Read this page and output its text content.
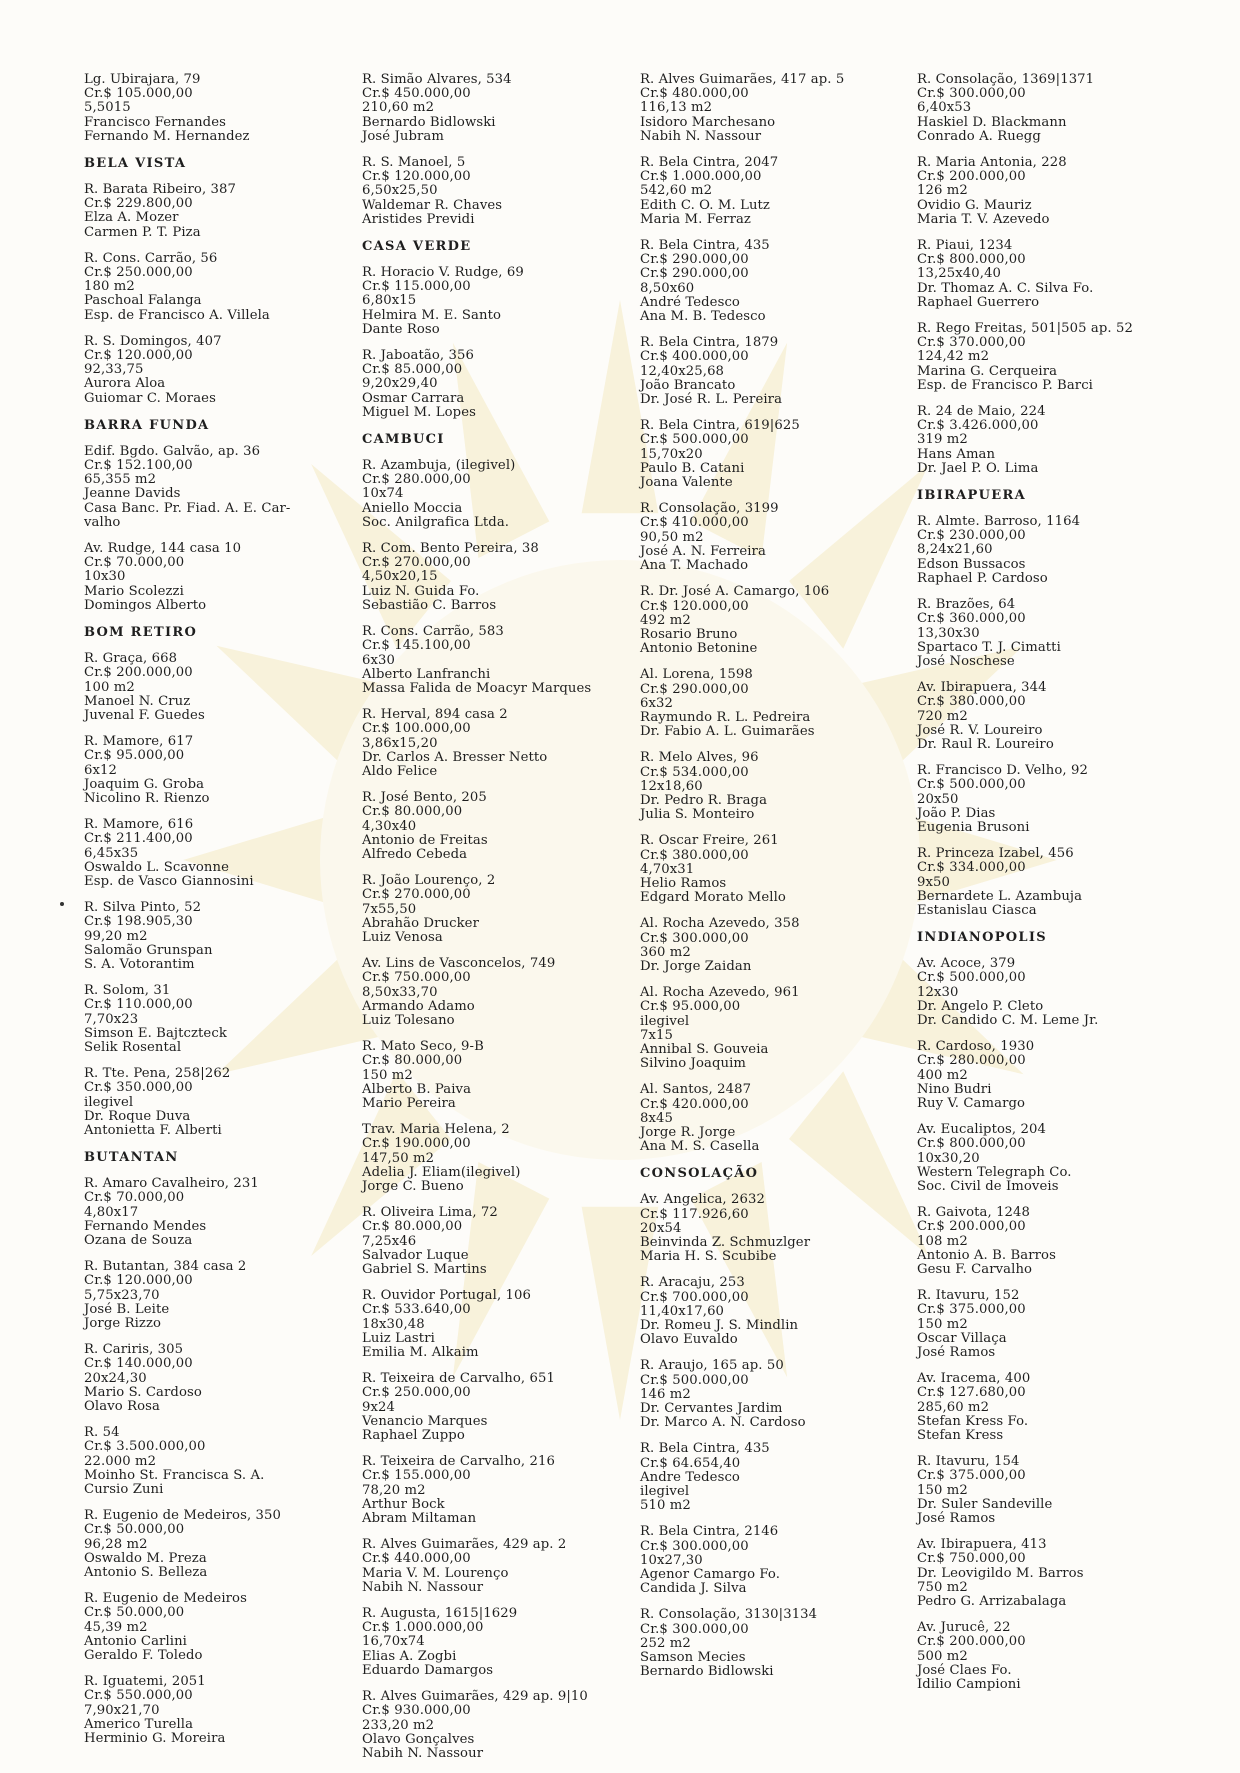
Lg. Ubirajara, 79
Cr.$ 105.000,00
5,5015
Francisco Fernandes
Fernando M. Hernandez
BELA VISTA
R. Barata Ribeiro, 387
Cr.$ 229.800,00
Elza A. Mozer
Carmen P. T. Piza
R. Cons. Carrão, 56
Cr.$ 250.000,00
180 m2
Paschoal Falanga
Esp. de Francisco A. Villela
R. S. Domingos, 407
Cr.$ 120.000,00
92,33,75
Aurora Aloa
Guiomar C. Moraes
BARRA FUNDA
Edif. Bgdo. Galvão, ap. 36
Cr.$ 152.100,00
65,355 m2
Jeanne Davids
Casa Banc. Pr. Fiad. A. E. Car-
valho
Av. Rudge, 144 casa 10
Cr.$ 70.000,00
10x30
Mario Scolezzi
Domingos Alberto
BOM RETIRO
R. Graça, 668
Cr.$ 200.000,00
100 m2
Manoel N. Cruz
Juvenal F. Guedes
R. Mamore, 617
Cr.$ 95.000,00
6x12
Joaquim G. Groba
Nicolino R. Rienzo
R. Mamore, 616
Cr.$ 211.400,00
6,45x35
Oswaldo L. Scavonne
Esp. de Vasco Giannosini
R. Silva Pinto, 52
Cr.$ 198.905,30
99,20 m2
Salomão Grunspan
S. A. Votorantim
R. Solom, 31
Cr.$ 110.000,00
7,70x23
Simson E. Bajtczteck
Selik Rosental
R. Tte. Pena, 258|262
Cr.$ 350.000,00
ilegivel
Dr. Roque Duva
Antonietta F. Alberti
BUTANTAN
R. Amaro Cavalheiro, 231
Cr.$ 70.000,00
4,80x17
Fernando Mendes
Ozana de Souza
R. Butantan, 384 casa 2
Cr.$ 120.000,00
5,75x23,70
José B. Leite
Jorge Rizzo
R. Cariris, 305
Cr.$ 140.000,00
20x24,30
Mario S. Cardoso
Olavo Rosa
R. 54
Cr.$ 3.500.000,00
22.000 m2
Moinho St. Francisca S. A.
Cursio Zuni
R. Eugenio de Medeiros, 350
Cr.$ 50.000,00
96,28 m2
Oswaldo M. Preza
Antonio S. Belleza
R. Eugenio de Medeiros
Cr.$ 50.000,00
45,39 m2
Antonio Carlini
Geraldo F. Toledo
R. Iguatemi, 2051
Cr.$ 550.000,00
7,90x21,70
Americo Turella
Herminio G. Moreira
R. Simão Alvares, 534
Cr.$ 450.000,00
210,60 m2
Bernardo Bidlowski
José Jubram
R. S. Manoel, 5
Cr.$ 120.000,00
6,50x25,50
Waldemar R. Chaves
Aristides Previdi
CASA VERDE
R. Horacio V. Rudge, 69
Cr.$ 115.000,00
6,80x15
Helmira M. E. Santo
Dante Roso
R. Jaboatão, 356
Cr.$ 85.000,00
9,20x29,40
Osmar Carrara
Miguel M. Lopes
CAMBUCI
R. Azambuja, (ilegivel)
Cr.$ 280.000,00
10x74
Aniello Moccia
Soc. Anilgrafica Ltda.
R. Com. Bento Pereira, 38
Cr.$ 270.000,00
4,50x20,15
Luiz N. Guida Fo.
Sebastião C. Barros
R. Cons. Carrão, 583
Cr.$ 145.100,00
6x30
Alberto Lanfranchi
Massa Falida de Moacyr Marques
R. Herval, 894 casa 2
Cr.$ 100.000,00
3,86x15,20
Dr. Carlos A. Bresser Netto
Aldo Felice
R. José Bento, 205
Cr.$ 80.000,00
4,30x40
Antonio de Freitas
Alfredo Cebeda
R. João Lourenço, 2
Cr.$ 270.000,00
7x55,50
Abrahão Drucker
Luiz Venosa
Av. Lins de Vasconcelos, 749
Cr.$ 750.000,00
8,50x33,70
Armando Adamo
Luiz Tolesano
R. Mato Seco, 9-B
Cr.$ 80.000,00
150 m2
Alberto B. Paiva
Mario Pereira
Trav. Maria Helena, 2
Cr.$ 190.000,00
147,50 m2
Adelia J. Eliam(ilegivel)
Jorge C. Bueno
R. Oliveira Lima, 72
Cr.$ 80.000,00
7,25x46
Salvador Luque
Gabriel S. Martins
R. Ouvidor Portugal, 106
Cr.$ 533.640,00
18x30,48
Luiz Lastri
Emilia M. Alkaim
R. Teixeira de Carvalho, 651
Cr.$ 250.000,00
9x24
Venancio Marques
Raphael Zuppo
R. Teixeira de Carvalho, 216
Cr.$ 155.000,00
78,20 m2
Arthur Bock
Abram Miltaman
R. Alves Guimarães, 429 ap. 2
Cr.$ 440.000,00
Maria V. M. Lourenço
Nabih N. Nassour
R. Augusta, 1615|1629
Cr.$ 1.000.000,00
16,70x74
Elias A. Zogbi
Eduardo Damargos
R. Alves Guimarães, 429 ap. 9|10
Cr.$ 930.000,00
233,20 m2
Olavo Gonçalves
Nabih N. Nassour
R. Alves Guimarães, 417 ap. 5
Cr.$ 480.000,00
116,13 m2
Isidoro Marchesano
Nabih N. Nassour
R. Bela Cintra, 2047
Cr.$ 1.000.000,00
542,60 m2
Edith C. O. M. Lutz
Maria M. Ferraz
R. Bela Cintra, 435
Cr.$ 290.000,00
Cr.$ 290.000,00
8,50x60
André Tedesco
Ana M. B. Tedesco
R. Bela Cintra, 1879
Cr.$ 400.000,00
12,40x25,68
João Brancato
Dr. José R. L. Pereira
R. Bela Cintra, 619|625
Cr.$ 500.000,00
15,70x20
Paulo B. Catani
Joana Valente
R. Consolação, 3199
Cr.$ 410.000,00
90,50 m2
José A. N. Ferreira
Ana T. Machado
R. Dr. José A. Camargo, 106
Cr.$ 120.000,00
492 m2
Rosario Bruno
Antonio Betonine
Al. Lorena, 1598
Cr.$ 290.000,00
6x32
Raymundo R. L. Pedreira
Dr. Fabio A. L. Guimarães
R. Melo Alves, 96
Cr.$ 534.000,00
12x18,60
Dr. Pedro R. Braga
Julia S. Monteiro
R. Oscar Freire, 261
Cr.$ 380.000,00
4,70x31
Helio Ramos
Edgard Morato Mello
Al. Rocha Azevedo, 358
Cr.$ 300.000,00
360 m2
Dr. Jorge Zaidan
Al. Rocha Azevedo, 961
Cr.$ 95.000,00
ilegivel
7x15
Annibal S. Gouveia
Silvino Joaquim
Al. Santos, 2487
Cr.$ 420.000,00
8x45
Jorge R. Jorge
Ana M. S. Casella
CONSOLAÇÃO
Av. Angelica, 2632
Cr.$ 117.926,60
20x54
Beinvinda Z. Schmuzlger
Maria H. S. Scubibe
R. Aracaju, 253
Cr.$ 700.000,00
11,40x17,60
Dr. Romeu J. S. Mindlin
Olavo Euvaldo
R. Araujo, 165 ap. 50
Cr.$ 500.000,00
146 m2
Dr. Cervantes Jardim
Dr. Marco A. N. Cardoso
R. Bela Cintra, 435
Cr.$ 64.654,40
Andre Tedesco
ilegivel
510 m2
R. Bela Cintra, 2146
Cr.$ 300.000,00
10x27,30
Agenor Camargo Fo.
Candida J. Silva
R. Consolação, 3130|3134
Cr.$ 300.000,00
252 m2
Samson Mecies
Bernardo Bidlowski
R. Consolação, 1369|1371
Cr.$ 300.000,00
6,40x53
Haskiel D. Blackmann
Conrado A. Ruegg
R. Maria Antonia, 228
Cr.$ 200.000,00
126 m2
Ovidio G. Mauriz
Maria T. V. Azevedo
R. Piaui, 1234
Cr.$ 800.000,00
13,25x40,40
Dr. Thomaz A. C. Silva Fo.
Raphael Guerrero
R. Rego Freitas, 501|505 ap. 52
Cr.$ 370.000,00
124,42 m2
Marina G. Cerqueira
Esp. de Francisco P. Barci
R. 24 de Maio, 224
Cr.$ 3.426.000,00
319 m2
Hans Aman
Dr. Jael P. O. Lima
IBIRAPUERA
R. Almte. Barroso, 1164
Cr.$ 230.000,00
8,24x21,60
Edson Bussacos
Raphael P. Cardoso
R. Brazões, 64
Cr.$ 360.000,00
13,30x30
Spartaco T. J. Cimatti
José Noschese
Av. Ibirapuera, 344
Cr.$ 380.000,00
720 m2
José R. V. Loureiro
Dr. Raul R. Loureiro
R. Francisco D. Velho, 92
Cr.$ 500.000,00
20x50
João P. Dias
Eugenia Brusoni
R. Princeza Izabel, 456
Cr.$ 334.000,00
9x50
Bernardete L. Azambuja
Estanislau Ciasca
INDIANOPOLIS
Av. Acoce, 379
Cr.$ 500.000,00
12x30
Dr. Angelo P. Cleto
Dr. Candido C. M. Leme Jr.
R. Cardoso, 1930
Cr.$ 280.000,00
400 m2
Nino Budri
Ruy V. Camargo
Av. Eucaliptos, 204
Cr.$ 800.000,00
10x30,20
Western Telegraph Co.
Soc. Civil de Imoveis
R. Gaivota, 1248
Cr.$ 200.000,00
108 m2
Antonio A. B. Barros
Gesu F. Carvalho
R. Itavuru, 152
Cr.$ 375.000,00
150 m2
Oscar Villaça
José Ramos
Av. Iracema, 400
Cr.$ 127.680,00
285,60 m2
Stefan Kress Fo.
Stefan Kress
R. Itavuru, 154
Cr.$ 375.000,00
150 m2
Dr. Suler Sandeville
José Ramos
Av. Ibirapuera, 413
Cr.$ 750.000,00
Dr. Leovigildo M. Barros
750 m2
Pedro G. Arrizabalaga
Av. Jurucê, 22
Cr.$ 200.000,00
500 m2
José Claes Fo.
Idilio Campioni
